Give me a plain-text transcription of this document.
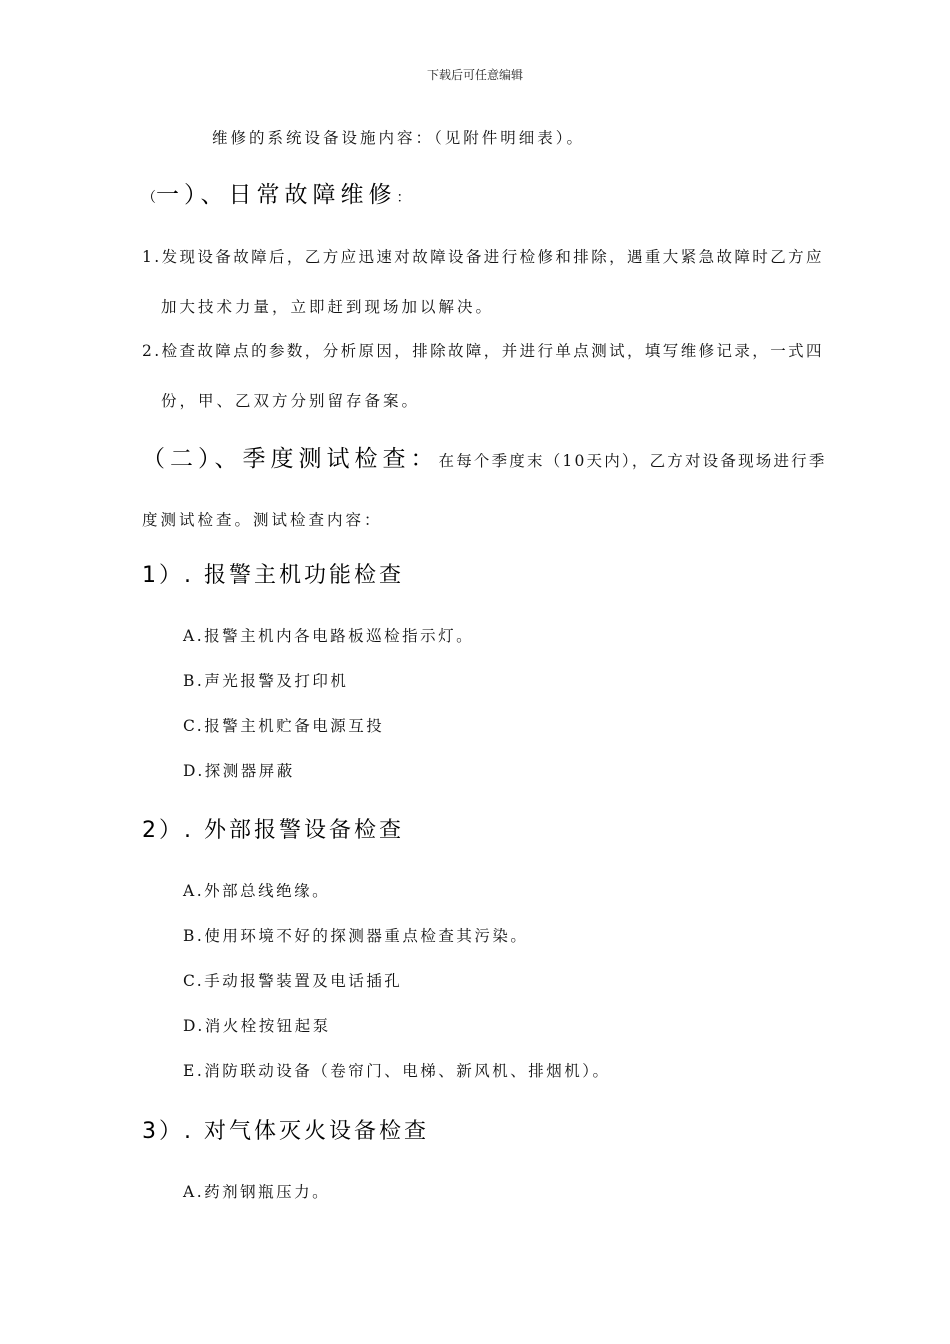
下载后可任意编辑
维修的系统设备设施内容：（见附件明细表）。
（一）、日常故障维修：
1.发现设备故障后，乙方应迅速对故障设备进行检修和排除，遇重大紧急故障时乙方应
加大技术力量，立即赶到现场加以解决。
2.检查故障点的参数，分析原因，排除故障，并进行单点测试，填写维修记录，一式四
份，甲、乙双方分别留存备案。
（二）、季度测试检查：在每个季度末（10天内），乙方对设备现场进行季
度测试检查。测试检查内容：
1）. 报警主机功能检查
A.报警主机内各电路板巡检指示灯。
B.声光报警及打印机
C.报警主机贮备电源互投
D.探测器屏蔽
2）. 外部报警设备检查
A.外部总线绝缘。
B.使用环境不好的探测器重点检查其污染。
C.手动报警装置及电话插孔
D.消火栓按钮起泵
E.消防联动设备（卷帘门、电梯、新风机、排烟机）。
3）. 对气体灭火设备检查
A.药剂钢瓶压力。
